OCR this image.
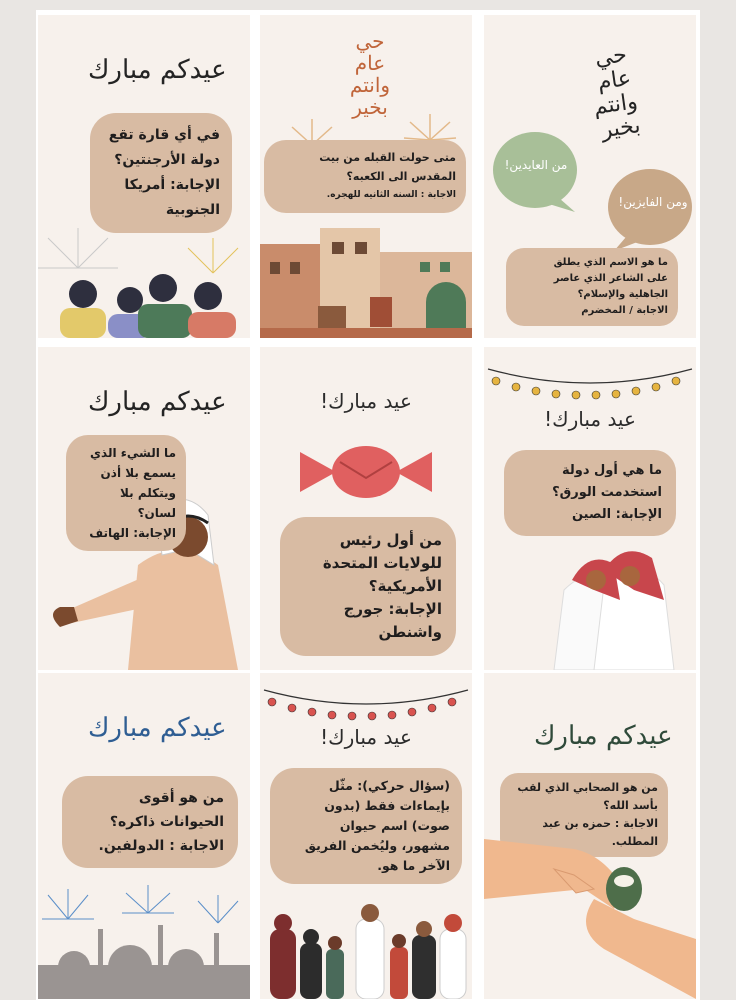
حي عام وانتم بخير
ومن الفايزين!
من العايدين!
ما هو الاسم الذي يطلق
على الشاعر الذي عاصر
الجاهلية والإسلام؟
الاجابة / المخضرم
حي عام وانتم بخير
متى حولت القبله من بيت
المقدس الى الكعبه؟
الاجابة : السنه الثانيه للهجره.
عيدكم مبارك
في أي قارة تقع
دولة الأرجنتين؟
الإجابة: أمريكا
الجنوبية
عيد مبارك!
ما هي أول دولة
استخدمت الورق؟
الإجابة: الصين
عيد مبارك!
من أول رئيس
للولايات المتحدة
الأمريكية؟
الإجابة: جورج
واشنطن
عيدكم مبارك
ما الشيء الذي
يسمع بلا أذن
ويتكلم بلا
لسان؟
الإجابة: الهاتف
عيدكم مبارك
من هو الصحابي الذي لقب
بأسد الله؟
الاجابة : حمزه بن عبد
المطلب.
عيد مبارك!
(سؤال حركي): مثّل
بإيماءات فقط (بدون
صوت) اسم حيوان
مشهور، وليُخمن الفريق
الآخر ما هو.
عيدكم مبارك
من هو أقوى
الحيوانات ذاكره؟
الاجابة : الدولفين.
